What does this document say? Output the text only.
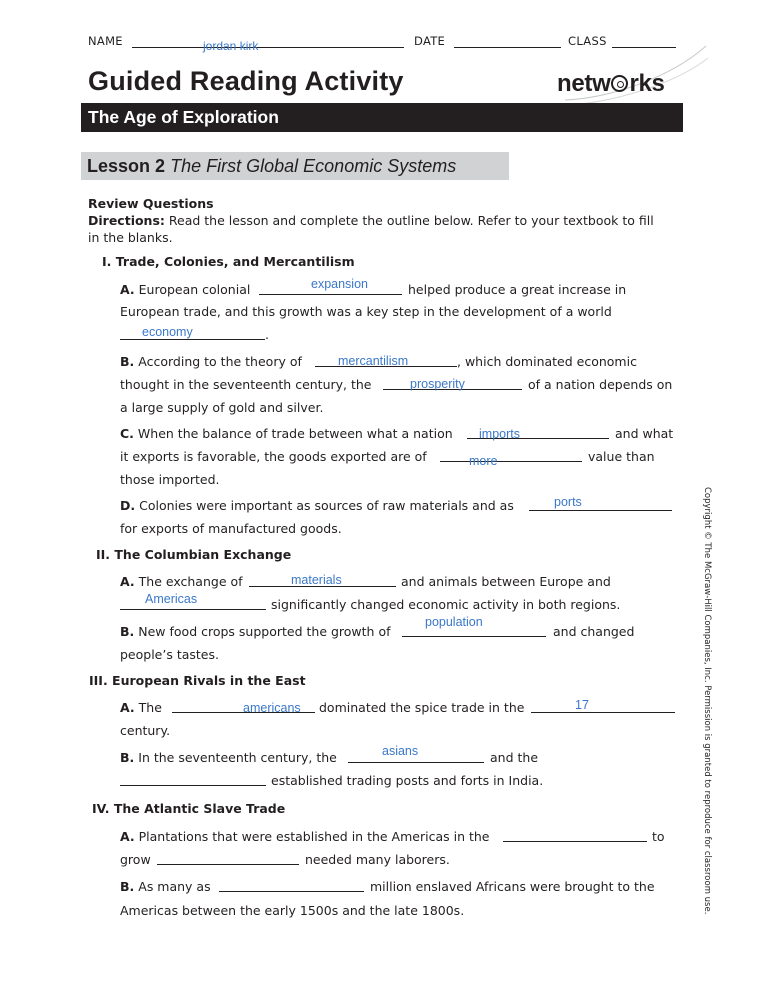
NAME	jordan kirk	DATE	CLASS
Guided Reading Activity	netw rks
The Age of Exploration
Lesson 2 The First Global Economic Systems
Review Questions
Directions: Read the lesson and complete the outline below. Refer to your textbook to fill
in the blanks.
I. Trade, Colonies, and Mercantilism
A. European colonial	expansion	helped produce a great increase in
European trade, and this growth was a key step in the development of a world
economy	.
B. According to the theory of	mercantilism	, which dominated economic
thought in the seventeenth century, the	prosperity	of a nation depends on
a large supply of gold and silver.
C. When the balance of trade between what a nation imports	and what
it exports is favorable, the goods exported are of	more	value than
those imported.
D. Colonies were important as sources of raw materials and as	ports
for exports of manufactured goods.
II. The Columbian Exchange
A. The exchange of	materials	and animals between Europe and
Americas	significantly changed economic activity in both regions.
B. New food crops supported the growth of
population
and changed
people’s tastes.
III. European Rivals in the East
A. The	americans dominated the spice trade in the	17
century.
B. In the seventeenth century, the	asians	and the
established trading posts and forts in India.
IV. The Atlantic Slave Trade
A. Plantations that were established in the Americas in the	to
grow	needed many laborers.
B. As many as	million enslaved Africans were brought to the
Americas between the early 1500s and the late 1800s.	Copyright © The McGraw-Hill Companies, Inc. Permission is granted to reproduce for classroom use.
